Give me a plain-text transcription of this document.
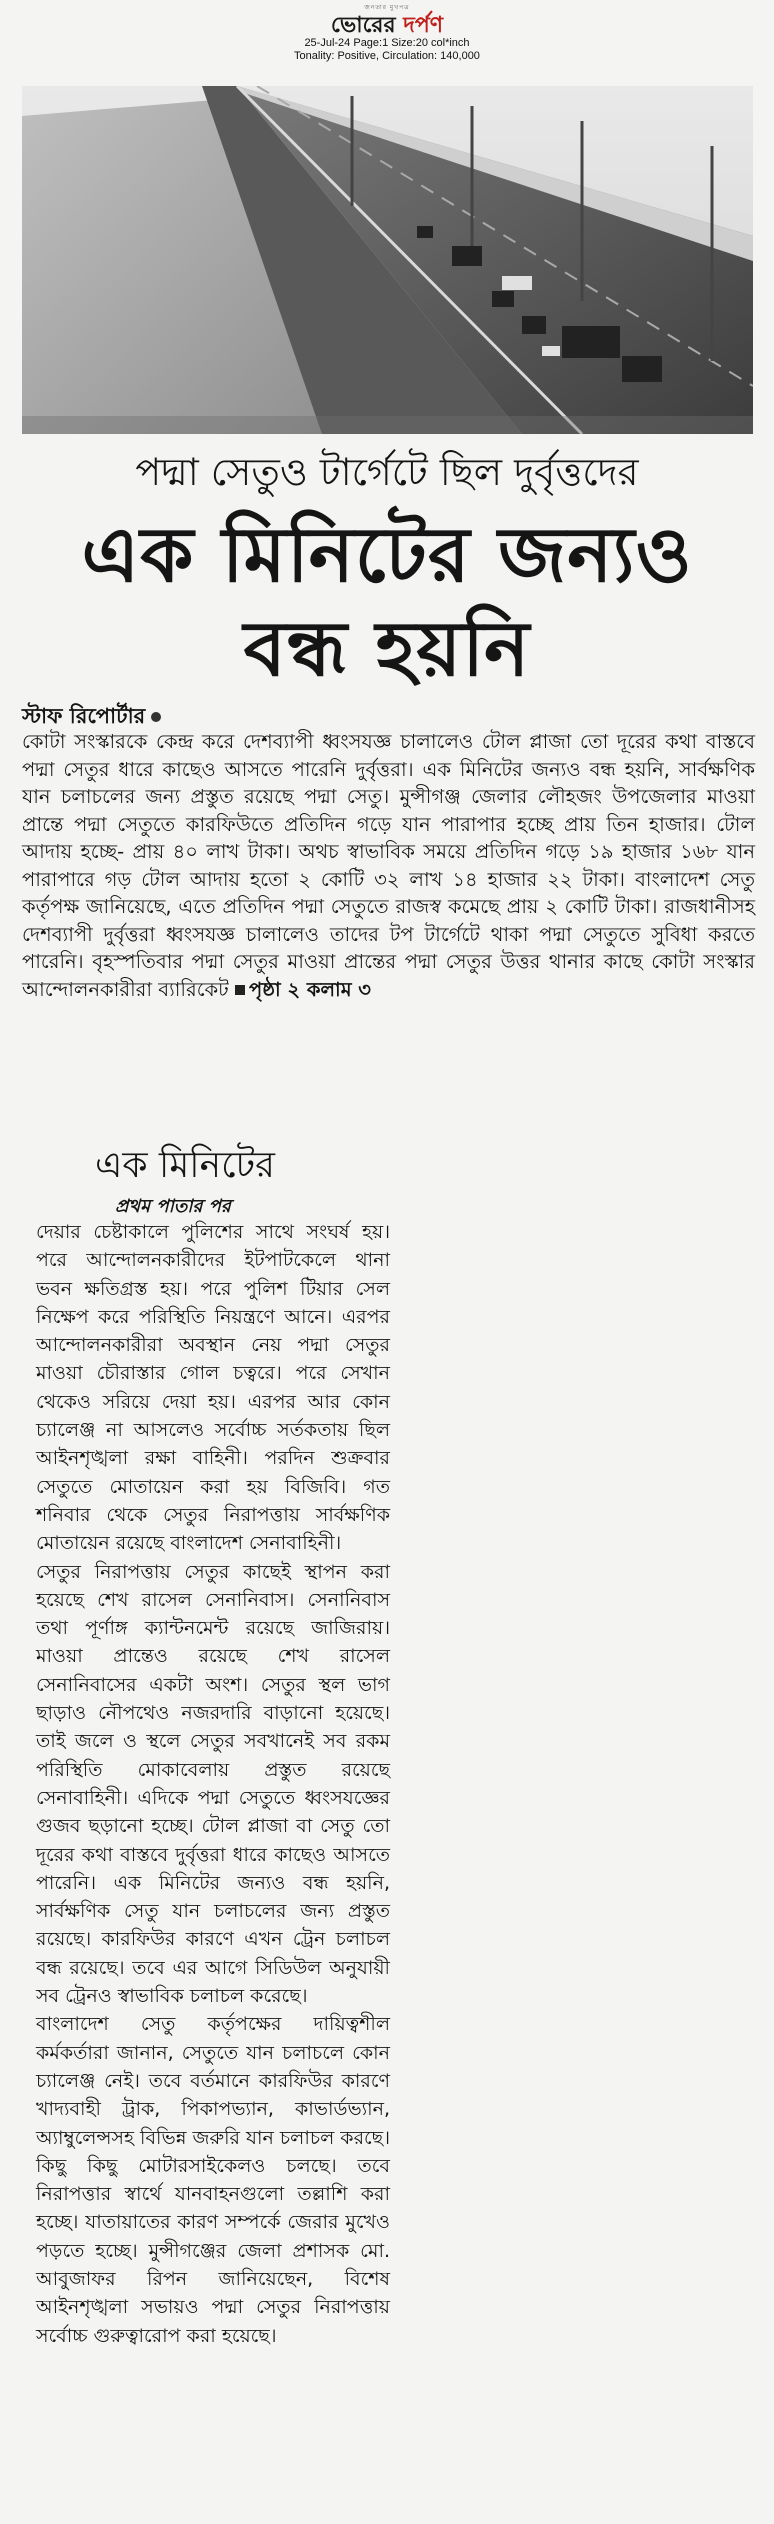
জনতার মুখপত্র
ভোরের দর্পণ
25-Jul-24 Page:1 Size:20 col*inch
Tonality: Positive, Circulation: 140,000
পদ্মা সেতুও টার্গেটে ছিল দুর্বৃত্তদের
এক মিনিটের জন্যও
বন্ধ হয়নি
স্টাফ রিপোর্টার
কোটা সংস্কারকে কেন্দ্র করে দেশব্যাপী ধ্বংসযজ্ঞ চালালেও টোল প্লাজা তো দূরের কথা বাস্তবে পদ্মা সেতুর ধারে কাছেও আসতে পারেনি দুর্বৃত্তরা। এক মিনিটের জন্যও বন্ধ হয়নি, সার্বক্ষণিক যান চলাচলের জন্য প্রস্তুত রয়েছে পদ্মা সেতু। মুন্সীগঞ্জ জেলার লৌহজং উপজেলার মাওয়া প্রান্তে পদ্মা সেতুতে কারফিউতে প্রতিদিন গড়ে যান পারাপার হচ্ছে প্রায় তিন হাজার। টোল আদায় হচ্ছে- প্রায় ৪০ লাখ টাকা। অথচ স্বাভাবিক সময়ে প্রতিদিন গড়ে ১৯ হাজার ১৬৮ যান পারাপারে গড় টোল আদায় হতো ২ কোটি ৩২ লাখ ১৪ হাজার ২২ টাকা। বাংলাদেশ সেতু কর্তৃপক্ষ জানিয়েছে, এতে প্রতিদিন পদ্মা সেতুতে রাজস্ব কমেছে প্রায় ২ কোটি টাকা। রাজধানীসহ দেশব্যাপী দুর্বৃত্তরা ধ্বংসযজ্ঞ চালালেও তাদের টপ টার্গেটে থাকা পদ্মা সেতুতে সুবিধা করতে পারেনি। বৃহস্পতিবার পদ্মা সেতুর মাওয়া প্রান্তের পদ্মা সেতুর উত্তর থানার কাছে কোটা সংস্কার আন্দোলনকারীরা ব্যারিকেট পৃষ্ঠা ২ কলাম ৩
এক মিনিটের
প্রথম পাতার পর

দেয়ার চেষ্টাকালে পুলিশের সাথে সংঘর্ষ হয়। পরে আন্দোলনকারীদের ইটপাটকেলে থানা ভবন ক্ষতিগ্রস্ত হয়। পরে পুলিশ টিয়ার সেল নিক্ষেপ করে পরিস্থিতি নিয়ন্ত্রণে আনে। এরপর আন্দোলনকারীরা অবস্থান নেয় পদ্মা সেতুর মাওয়া চৌরাস্তার গোল চত্বরে। পরে সেখান থেকেও সরিয়ে দেয়া হয়। এরপর আর কোন চ্যালেঞ্জ না আসলেও সর্বোচ্চ সর্তকতায় ছিল আইনশৃঙ্খলা রক্ষা বাহিনী। পরদিন শুক্রবার সেতুতে মোতায়েন করা হয় বিজিবি। গত শনিবার থেকে সেতুর নিরাপত্তায় সার্বক্ষণিক মোতায়েন রয়েছে বাংলাদেশ সেনাবাহিনী।

সেতুর নিরাপত্তায় সেতুর কাছেই স্থাপন করা হয়েছে শেখ রাসেল সেনানিবাস। সেনানিবাস তথা পূর্ণাঙ্গ ক্যান্টনমেন্ট রয়েছে জাজিরায়। মাওয়া প্রান্তেও রয়েছে শেখ রাসেল সেনানিবাসের একটা অংশ। সেতুর স্থল ভাগ ছাড়াও নৌপথেও নজরদারি বাড়ানো হয়েছে। তাই জলে ও স্থলে সেতুর সবখানেই সব রকম পরিস্থিতি মোকাবেলায় প্রস্তুত রয়েছে সেনাবাহিনী। এদিকে পদ্মা সেতুতে ধ্বংসযজ্ঞের গুজব ছড়ানো হচ্ছে। টোল প্লাজা বা সেতু তো দূরের কথা বাস্তবে দুর্বৃত্তরা ধারে কাছেও আসতে পারেনি। এক মিনিটের জন্যও বন্ধ হয়নি, সার্বক্ষণিক সেতু যান চলাচলের জন্য প্রস্তুত রয়েছে। কারফিউর কারণে এখন ট্রেন চলাচল বন্ধ রয়েছে। তবে এর আগে সিডিউল অনুযায়ী সব ট্রেনও স্বাভাবিক চলাচল করেছে।

বাংলাদেশ সেতু কর্তৃপক্ষের দায়িত্বশীল কর্মকর্তারা জানান, সেতুতে যান চলাচলে কোন চ্যালেঞ্জ নেই। তবে বর্তমানে কারফিউর কারণে খাদ্যবাহী ট্রাক, পিকাপভ্যান, কাভার্ডভ্যান, অ্যাম্বুলেন্সসহ বিভিন্ন জরুরি যান চলাচল করছে। কিছু কিছু মোটারসাইকেলও চলছে। তবে নিরাপত্তার স্বার্থে যানবাহনগুলো তল্লাশি করা হচ্ছে। যাতায়াতের কারণ সম্পর্কে জেরার মুখেও পড়তে হচ্ছে। মুন্সীগঞ্জের জেলা প্রশাসক মো. আবুজাফর রিপন জানিয়েছেন, বিশেষ আইনশৃঙ্খলা সভায়ও পদ্মা সেতুর নিরাপত্তায় সর্বোচ্চ গুরুত্বারোপ করা হয়েছে।
